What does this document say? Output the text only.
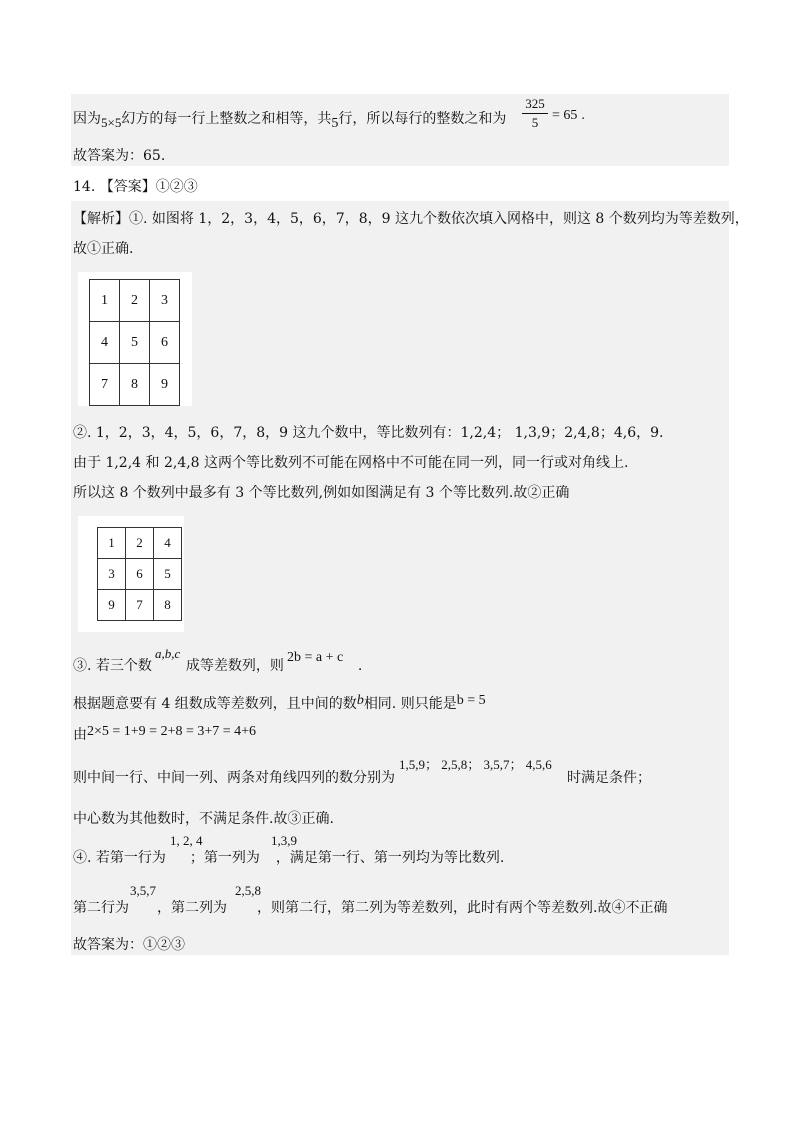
因为5×5幻方的每一行上整数之和相等，共5行，所以每行的整数之和为
325
5 = 65 .
故答案为：65.
14. 【答案】①②③
【解析】①. 如图将 1，2，3，4，5，6，7，8，9 这九个数依次填入网格中，则这 8 个数列均为等差数列，
故①正确.
1	2	3
4	5	6
7	8	9
②. 1，2，3，4，5，6，7，8，9 这九个数中，等比数列有：1,2,4； 1,3,9；2,4,8；4,6，9.
由于 1,2,4 和 2,4,8 这两个等比数列不可能在网格中不可能在同一列，同一行或对角线上.
所以这 8 个数列中最多有 3 个等比数列,例如如图满足有 3 个等比数列.故②正确
1	2	4
3	6	5
9	7	8
③. 若三个数 成等差数列，则	.
a,b,c	2b = a + c
根据题意要有 4 组数成等差数列，且中间的数b相同. 则只能是b = 5
由2×5 = 1+9 = 2+8 = 3+7 = 4+6
则中间一行、中间一列、两条对角线四列的数分别为
1,5,9； 2,5,8； 3,5,7； 4,5,6
时满足条件；
中心数为其他数时，不满足条件.故③正确.
④. 若第一行为 ；第一列为 ，满足第一行、第一列均为等比数列.
1, 2, 4	1,3,9
第二行为 ，第二列为 ，则第二行，第二列为等差数列，此时有两个等差数列.故④不正确
3,5,7	2,5,8
故答案为：①②③
